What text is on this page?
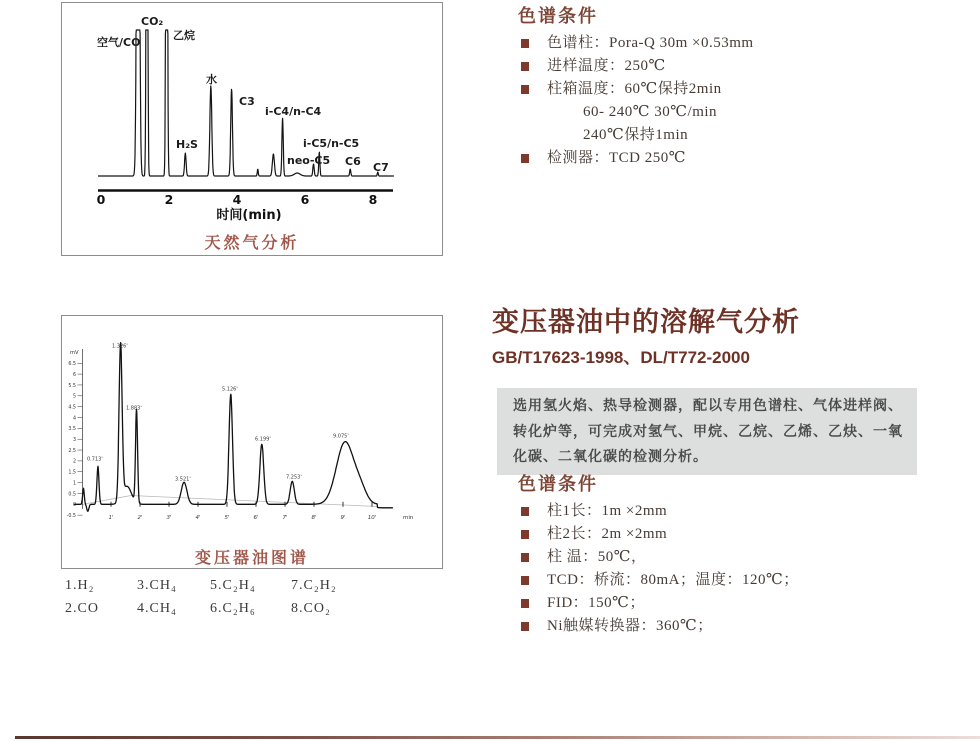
0	2	4	6	8
时间(min)
空气/CO
CO₂
乙烷
H₂S
水
C3
i-C4/n-C4
neo-C5
i-C5/n-C5
C6 C7
天然气分析
色谱条件
色谱柱：Pora-Q 30m ×0.53mm
进样温度：250℃
柱箱温度：60℃保持2min
60- 240℃ 30℃/min
240℃保持1min
检测器：TCD 250℃
mV
6.5
6
5.5
5
4.5
4
3.5
3
2.5
2
1.5
1
0.5
0
-0.5	1'	2'	3'	4'	5'	6'	7'	8'	9'	10'	min
0.713'
1.326'
1.883'
3.521'
5.126'
6.199'
7.253'
9.075'
变压器油图谱
1.H₂	3.CH₄	5.C₂H₄	7.C₂H₂
2.CO	4.CH₄	6.C₂H₆	8.CO₂
变压器油中的溶解气分析
GB/T17623-1998、DL/T772-2000
选用氢火焰、热导检测器，配以专用色谱柱、气体进样阀、转化炉等，可完成对氢气、甲烷、乙烷、乙烯、乙炔、一氧化碳、二氧化碳的检测分析。
色谱条件
柱1长：1m ×2mm
柱2长：2m ×2mm
柱 温：50℃，
TCD：桥流：80mA；温度：120℃；
FID：150℃；
Ni触媒转换器：360℃；
